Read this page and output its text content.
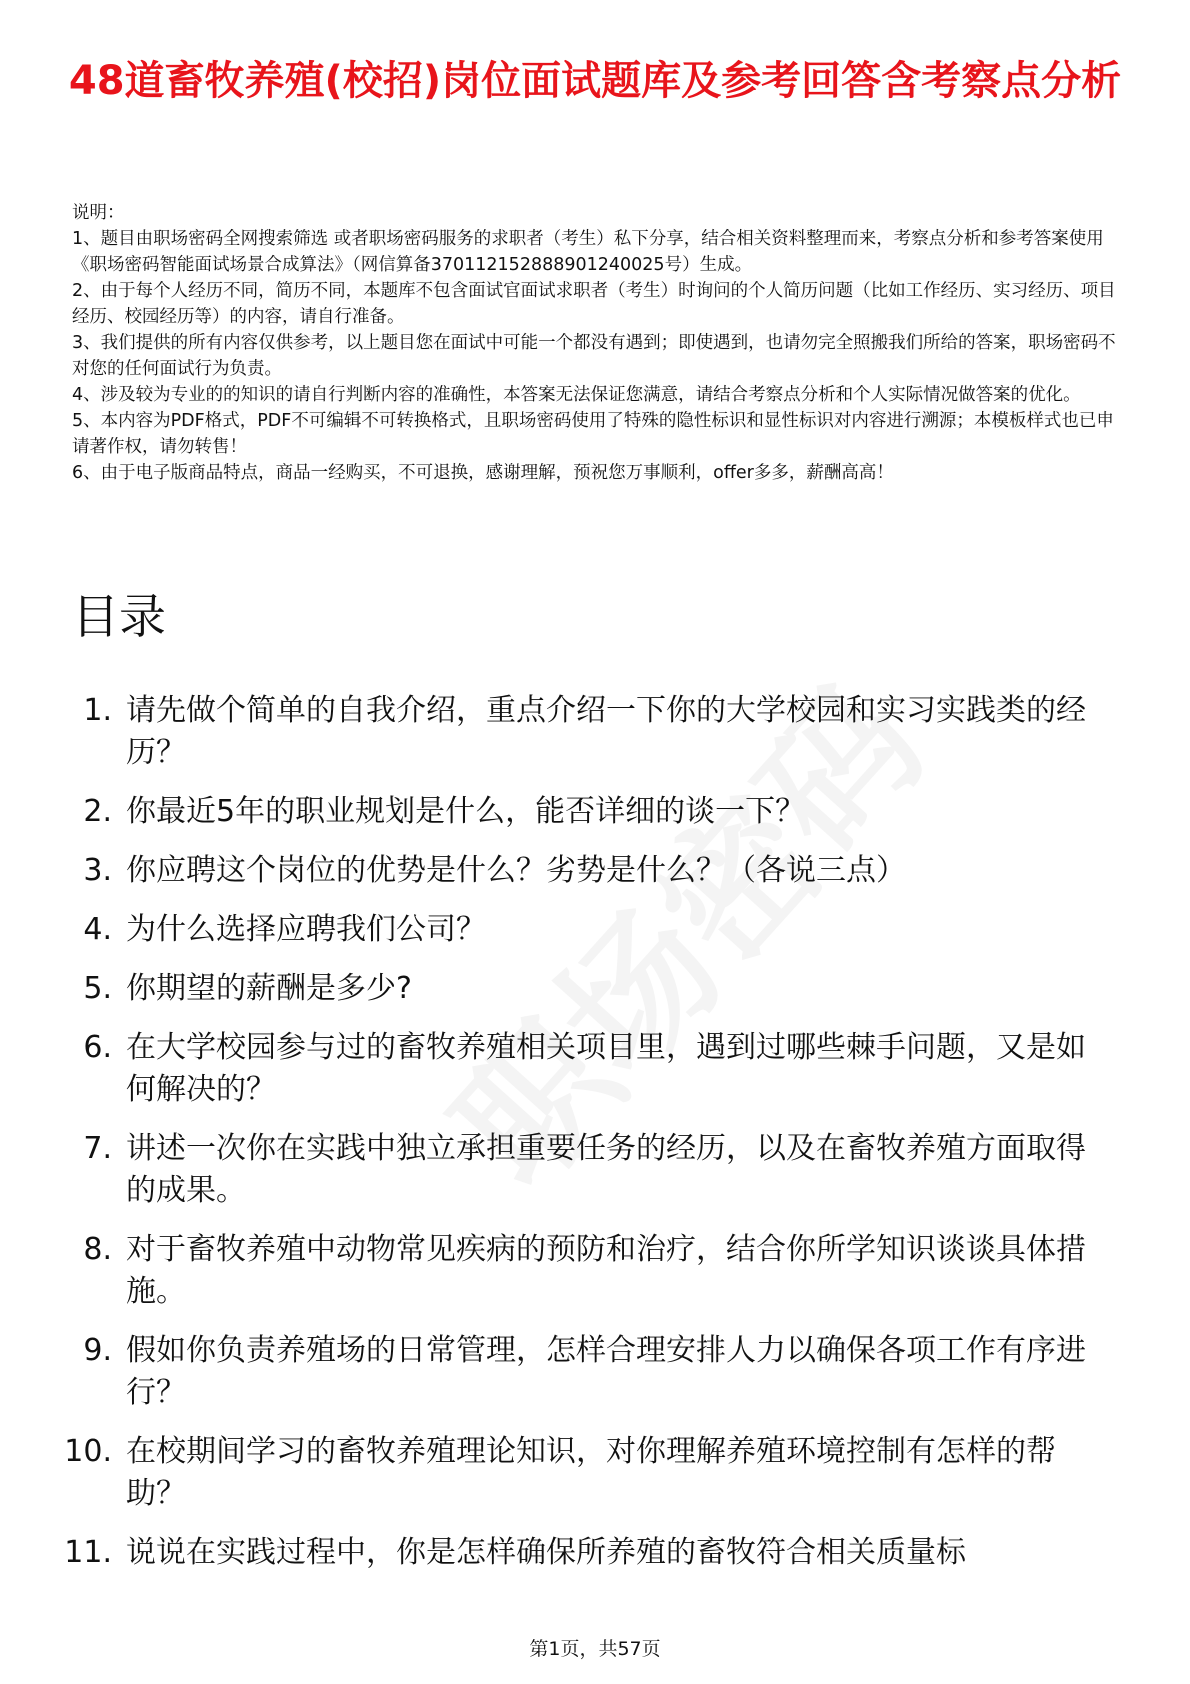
48道畜牧养殖(校招)岗位面试题库及参考回答含考察点分析

说明：

1、题目由职场密码全网搜索筛选 或者职场密码服务的求职者（考生）私下分享，结合相关资料整理而来，考察点分析和参考答案使用《职场密码智能面试场景合成算法》（网信算备370112152888901240025号）生成。

2、由于每个人经历不同，简历不同，本题库不包含面试官面试求职者（考生）时询问的个人简历问题（比如工作经历、实习经历、项目经历、校园经历等）的内容，请自行准备。

3、我们提供的所有内容仅供参考，以上题目您在面试中可能一个都没有遇到；即使遇到，也请勿完全照搬我们所给的答案，职场密码不对您的任何面试行为负责。

4、涉及较为专业的的知识的请自行判断内容的准确性，本答案无法保证您满意，请结合考察点分析和个人实际情况做答案的优化。

5、本内容为PDF格式，PDF不可编辑不可转换格式，且职场密码使用了特殊的隐性标识和显性标识对内容进行溯源；本模板样式也已申请著作权，请勿转售！

6、由于电子版商品特点，商品一经购买，不可退换，感谢理解，预祝您万事顺利，offer多多，薪酬高高！

目录
1. 请先做个简单的自我介绍，重点介绍一下你的大学校园和实习实践类的经历？
2. 你最近5年的职业规划是什么，能否详细的谈一下？
3. 你应聘这个岗位的优势是什么？劣势是什么？（各说三点）
4. 为什么选择应聘我们公司？
5. 你期望的薪酬是多少?
6. 在大学校园参与过的畜牧养殖相关项目里，遇到过哪些棘手问题，又是如何解决的？
7. 讲述一次你在实践中独立承担重要任务的经历，以及在畜牧养殖方面取得的成果。
8. 对于畜牧养殖中动物常见疾病的预防和治疗，结合你所学知识谈谈具体措施。
9. 假如你负责养殖场的日常管理，怎样合理安排人力以确保各项工作有序进行？
10. 在校期间学习的畜牧养殖理论知识，对你理解养殖环境控制有怎样的帮助？
11. 说说在实践过程中，你是怎样确保所养殖的畜牧符合相关质量标
第1页，共57页
